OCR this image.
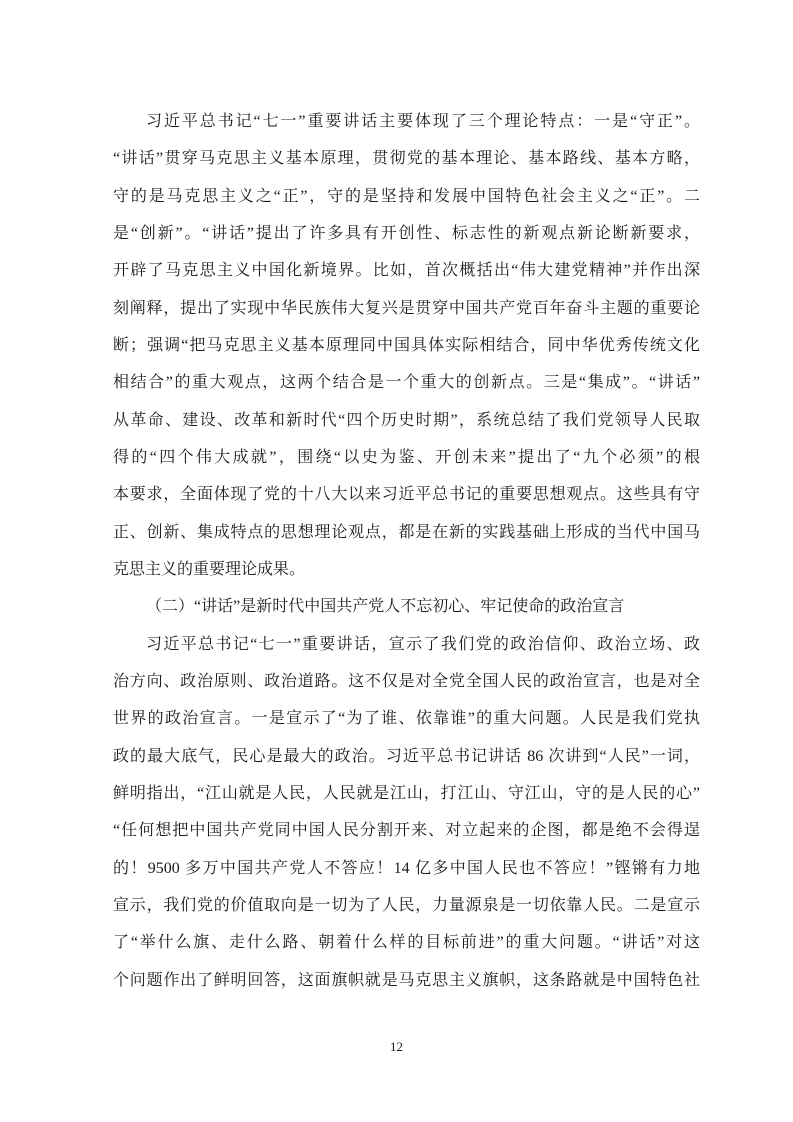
习近平总书记“七一”重要讲话主要体现了三个理论特点：一是“守正”。
“讲话”贯穿马克思主义基本原理，贯彻党的基本理论、基本路线、基本方略，
守的是马克思主义之“正”，守的是坚持和发展中国特色社会主义之“正”。二
是“创新”。“讲话”提出了许多具有开创性、标志性的新观点新论断新要求，
开辟了马克思主义中国化新境界。比如，首次概括出“伟大建党精神”并作出深
刻阐释，提出了实现中华民族伟大复兴是贯穿中国共产党百年奋斗主题的重要论
断；强调“把马克思主义基本原理同中国具体实际相结合，同中华优秀传统文化
相结合”的重大观点，这两个结合是一个重大的创新点。三是“集成”。“讲话”
从革命、建设、改革和新时代“四个历史时期”，系统总结了我们党领导人民取
得的“四个伟大成就”，围绕“以史为鉴、开创未来”提出了“九个必须”的根
本要求，全面体现了党的十八大以来习近平总书记的重要思想观点。这些具有守
正、创新、集成特点的思想理论观点，都是在新的实践基础上形成的当代中国马
克思主义的重要理论成果。
（二）“讲话”是新时代中国共产党人不忘初心、牢记使命的政治宣言
习近平总书记“七一”重要讲话，宣示了我们党的政治信仰、政治立场、政
治方向、政治原则、政治道路。这不仅是对全党全国人民的政治宣言，也是对全
世界的政治宣言。一是宣示了“为了谁、依靠谁”的重大问题。人民是我们党执
政的最大底气，民心是最大的政治。习近平总书记讲话 86 次讲到“人民”一词，
鲜明指出，“江山就是人民，人民就是江山，打江山、守江山，守的是人民的心”
“任何想把中国共产党同中国人民分割开来、对立起来的企图，都是绝不会得逞
的！9500 多万中国共产党人不答应！14 亿多中国人民也不答应！”铿锵有力地
宣示，我们党的价值取向是一切为了人民，力量源泉是一切依靠人民。二是宣示
了“举什么旗、走什么路、朝着什么样的目标前进”的重大问题。“讲话”对这
个问题作出了鲜明回答，这面旗帜就是马克思主义旗帜，这条路就是中国特色社
12
